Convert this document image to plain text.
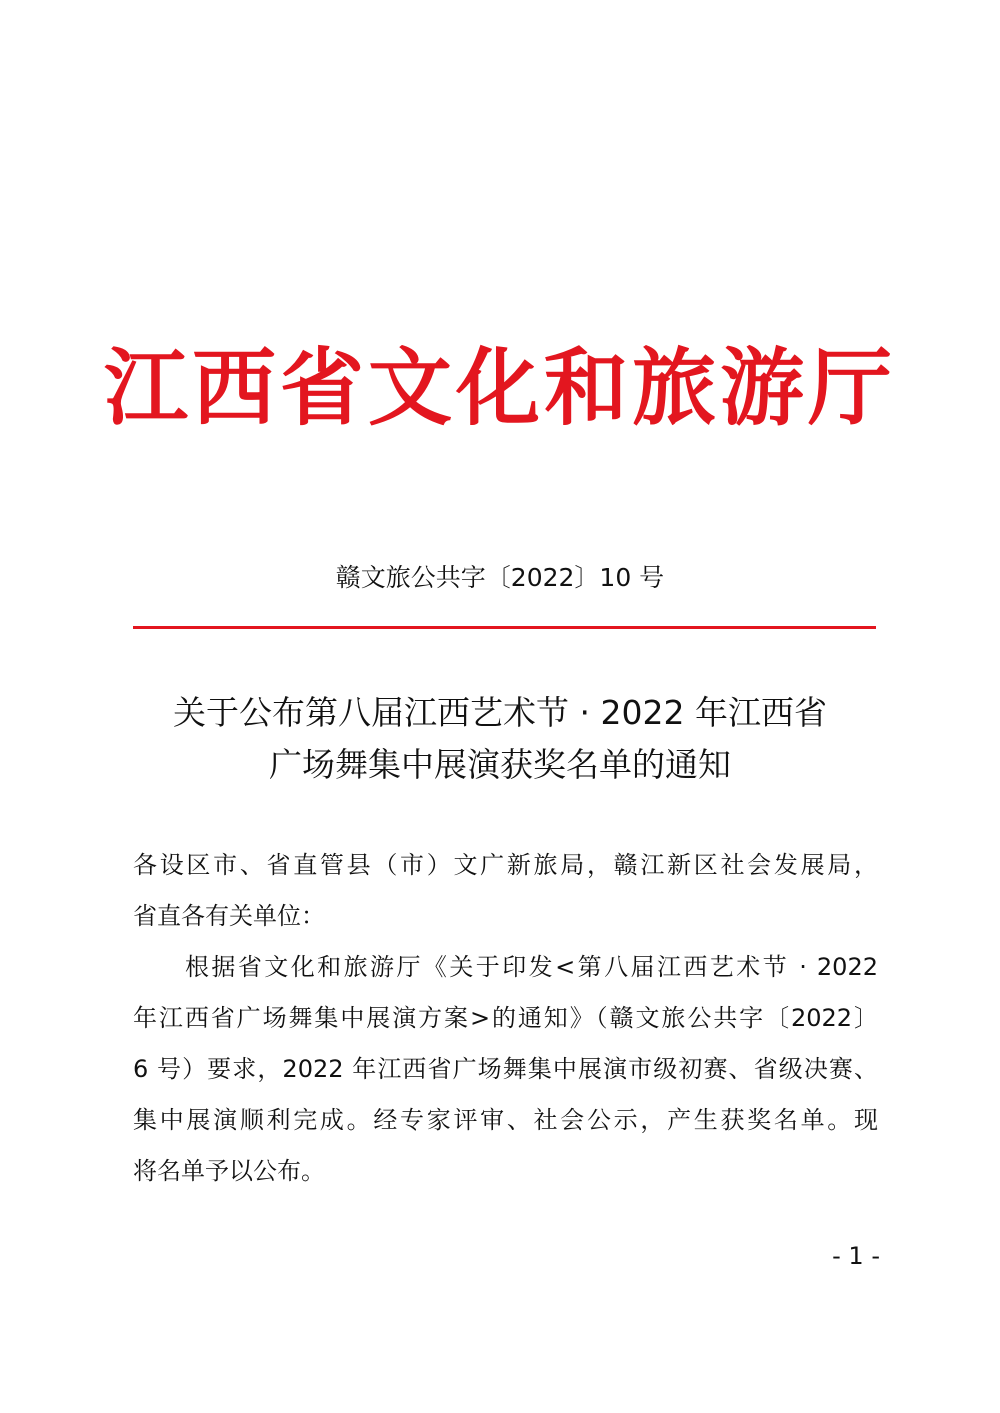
江西省文化和旅游厅
赣文旅公共字〔2022〕10 号
关于公布第八届江西艺术节 · 2022 年江西省
广场舞集中展演获奖名单的通知
各设区市、省直管县（市）文广新旅局，赣江新区社会发展局，
省直各有关单位：
根据省文化和旅游厅《关于印发<第八届江西艺术节 · 2022
年江西省广场舞集中展演方案>的通知》（赣文旅公共字〔2022〕
6 号）要求，2022 年江西省广场舞集中展演市级初赛、省级决赛、
集中展演顺利完成。经专家评审、社会公示，产生获奖名单。现
将名单予以公布。
- 1 -
